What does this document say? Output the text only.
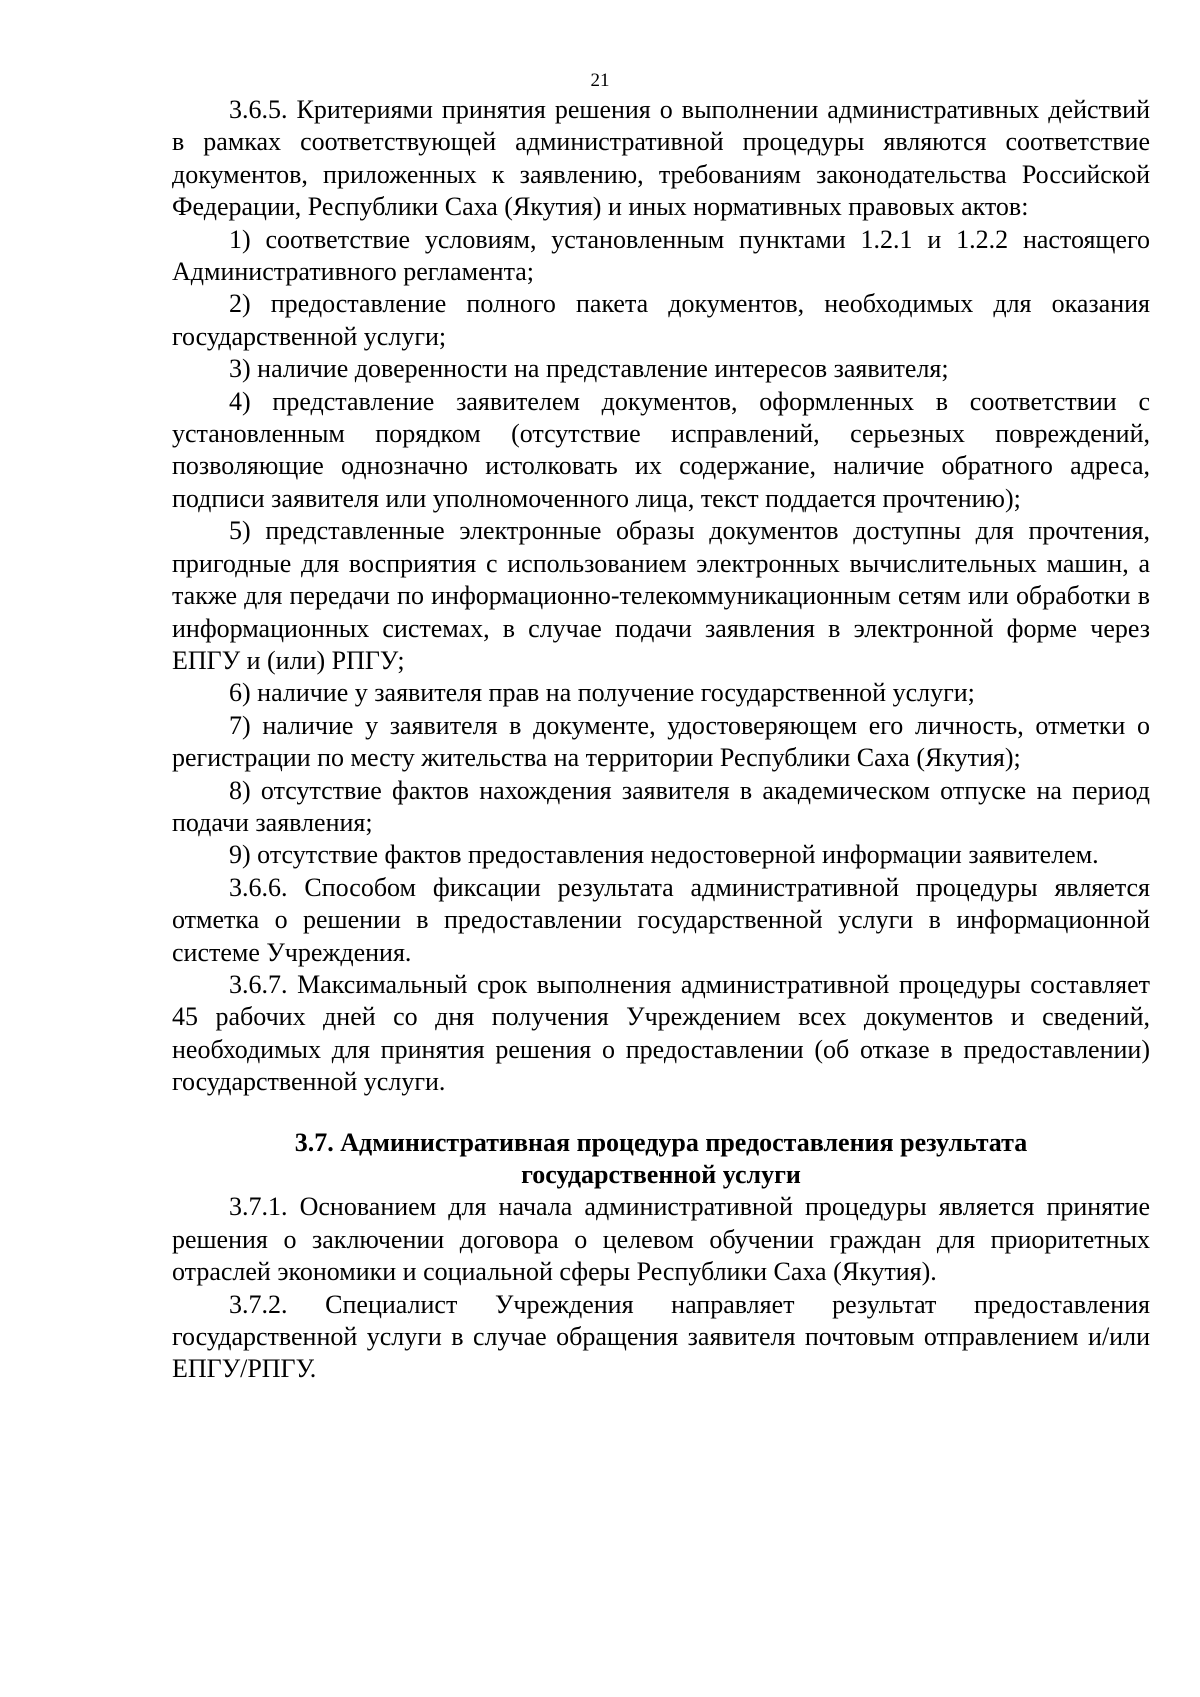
21

3.6.5. Критериями принятия решения о выполнении административных действий в рамках соответствующей административной процедуры являются соответствие документов, приложенных к заявлению, требованиям законодательства Российской Федерации, Республики Саха (Якутия) и иных нормативных правовых актов:

1) соответствие условиям, установленным пунктами 1.2.1 и 1.2.2 настоящего Административного регламента;

2) предоставление полного пакета документов, необходимых для оказания государственной услуги;

3) наличие доверенности на представление интересов заявителя;

4) представление заявителем документов, оформленных в соответствии с установленным порядком (отсутствие исправлений, серьезных повреждений, позволяющие однозначно истолковать их содержание, наличие обратного адреса, подписи заявителя или уполномоченного лица, текст поддается прочтению);

5) представленные электронные образы документов доступны для прочтения, пригодные для восприятия с использованием электронных вычислительных машин, а также для передачи по информационно-телекоммуникационным сетям или обработки в информационных системах, в случае подачи заявления в электронной форме через ЕПГУ и (или) РПГУ;

6) наличие у заявителя прав на получение государственной услуги;

7) наличие у заявителя в документе, удостоверяющем его личность, отметки о регистрации по месту жительства на территории Республики Саха (Якутия);

8) отсутствие фактов нахождения заявителя в академическом отпуске на период подачи заявления;

9) отсутствие фактов предоставления недостоверной информации заявителем.

3.6.6. Способом фиксации результата административной процедуры является отметка о решении в предоставлении государственной услуги в информационной системе Учреждения.

3.6.7. Максимальный срок выполнения административной процедуры составляет 45 рабочих дней со дня получения Учреждением всех документов и сведений, необходимых для принятия решения о предоставлении (об отказе в предоставлении) государственной услуги.

3.7. Административная процедура предоставления результата
государственной услуги

3.7.1. Основанием для начала административной процедуры является принятие решения о заключении договора о целевом обучении граждан для приоритетных отраслей экономики и социальной сферы Республики Саха (Якутия).

3.7.2. Специалист Учреждения направляет результат предоставления государственной услуги в случае обращения заявителя почтовым отправлением и/или ЕПГУ/РПГУ.
